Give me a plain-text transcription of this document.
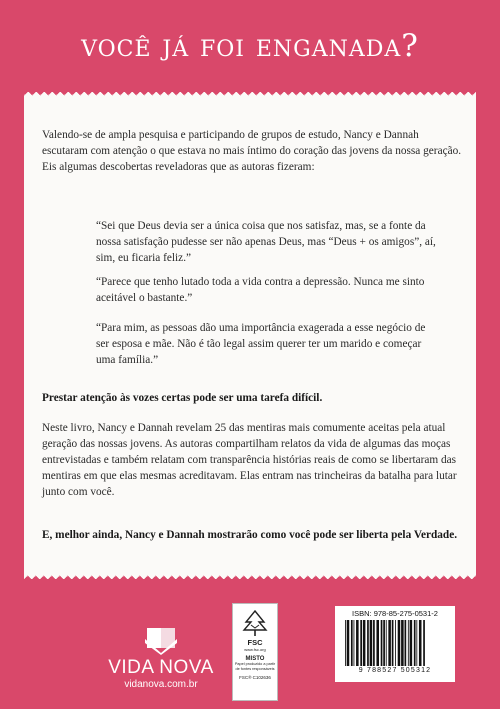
você já foi enganada?
Valendo-se de ampla pesquisa e participando de grupos de estudo, Nancy e Dannah escutaram com atenção o que estava no mais íntimo do coração das jovens da nossa geração. Eis algumas descobertas reveladoras que as autoras fizeram:
“Sei que Deus devia ser a única coisa que nos satisfaz, mas, se a fonte da nossa satisfação pudesse ser não apenas Deus, mas “Deus + os amigos”, aí, sim, eu ficaria feliz.”
“Parece que tenho lutado toda a vida contra a depressão. Nunca me sinto aceitável o bastante.”
“Para mim, as pessoas dão uma importância exagerada a esse negócio de ser esposa e mãe. Não é tão legal assim querer ter um marido e começar uma família.”
Prestar atenção às vozes certas pode ser uma tarefa difícil.
Neste livro, Nancy e Dannah revelam 25 das mentiras mais comumente aceitas pela atual geração das nossas jovens. As autoras compartilham relatos da vida de algumas das moças entrevistadas e também relatam com transparência histórias reais de como se libertaram das mentiras em que elas mesmas acreditavam. Elas entram nas trincheiras da batalha para lutar junto com você.
E, melhor ainda, Nancy e Dannah mostrarão como você pode ser liberta pela Verdade.
VIDA NOVA
vidanova.com.br
FSC
www.fsc.org
MISTO
Papel produzido a partir de fontes responsáveis
FSC® C102636
ISBN: 978-85-275-0531-2
9 788527 505312
